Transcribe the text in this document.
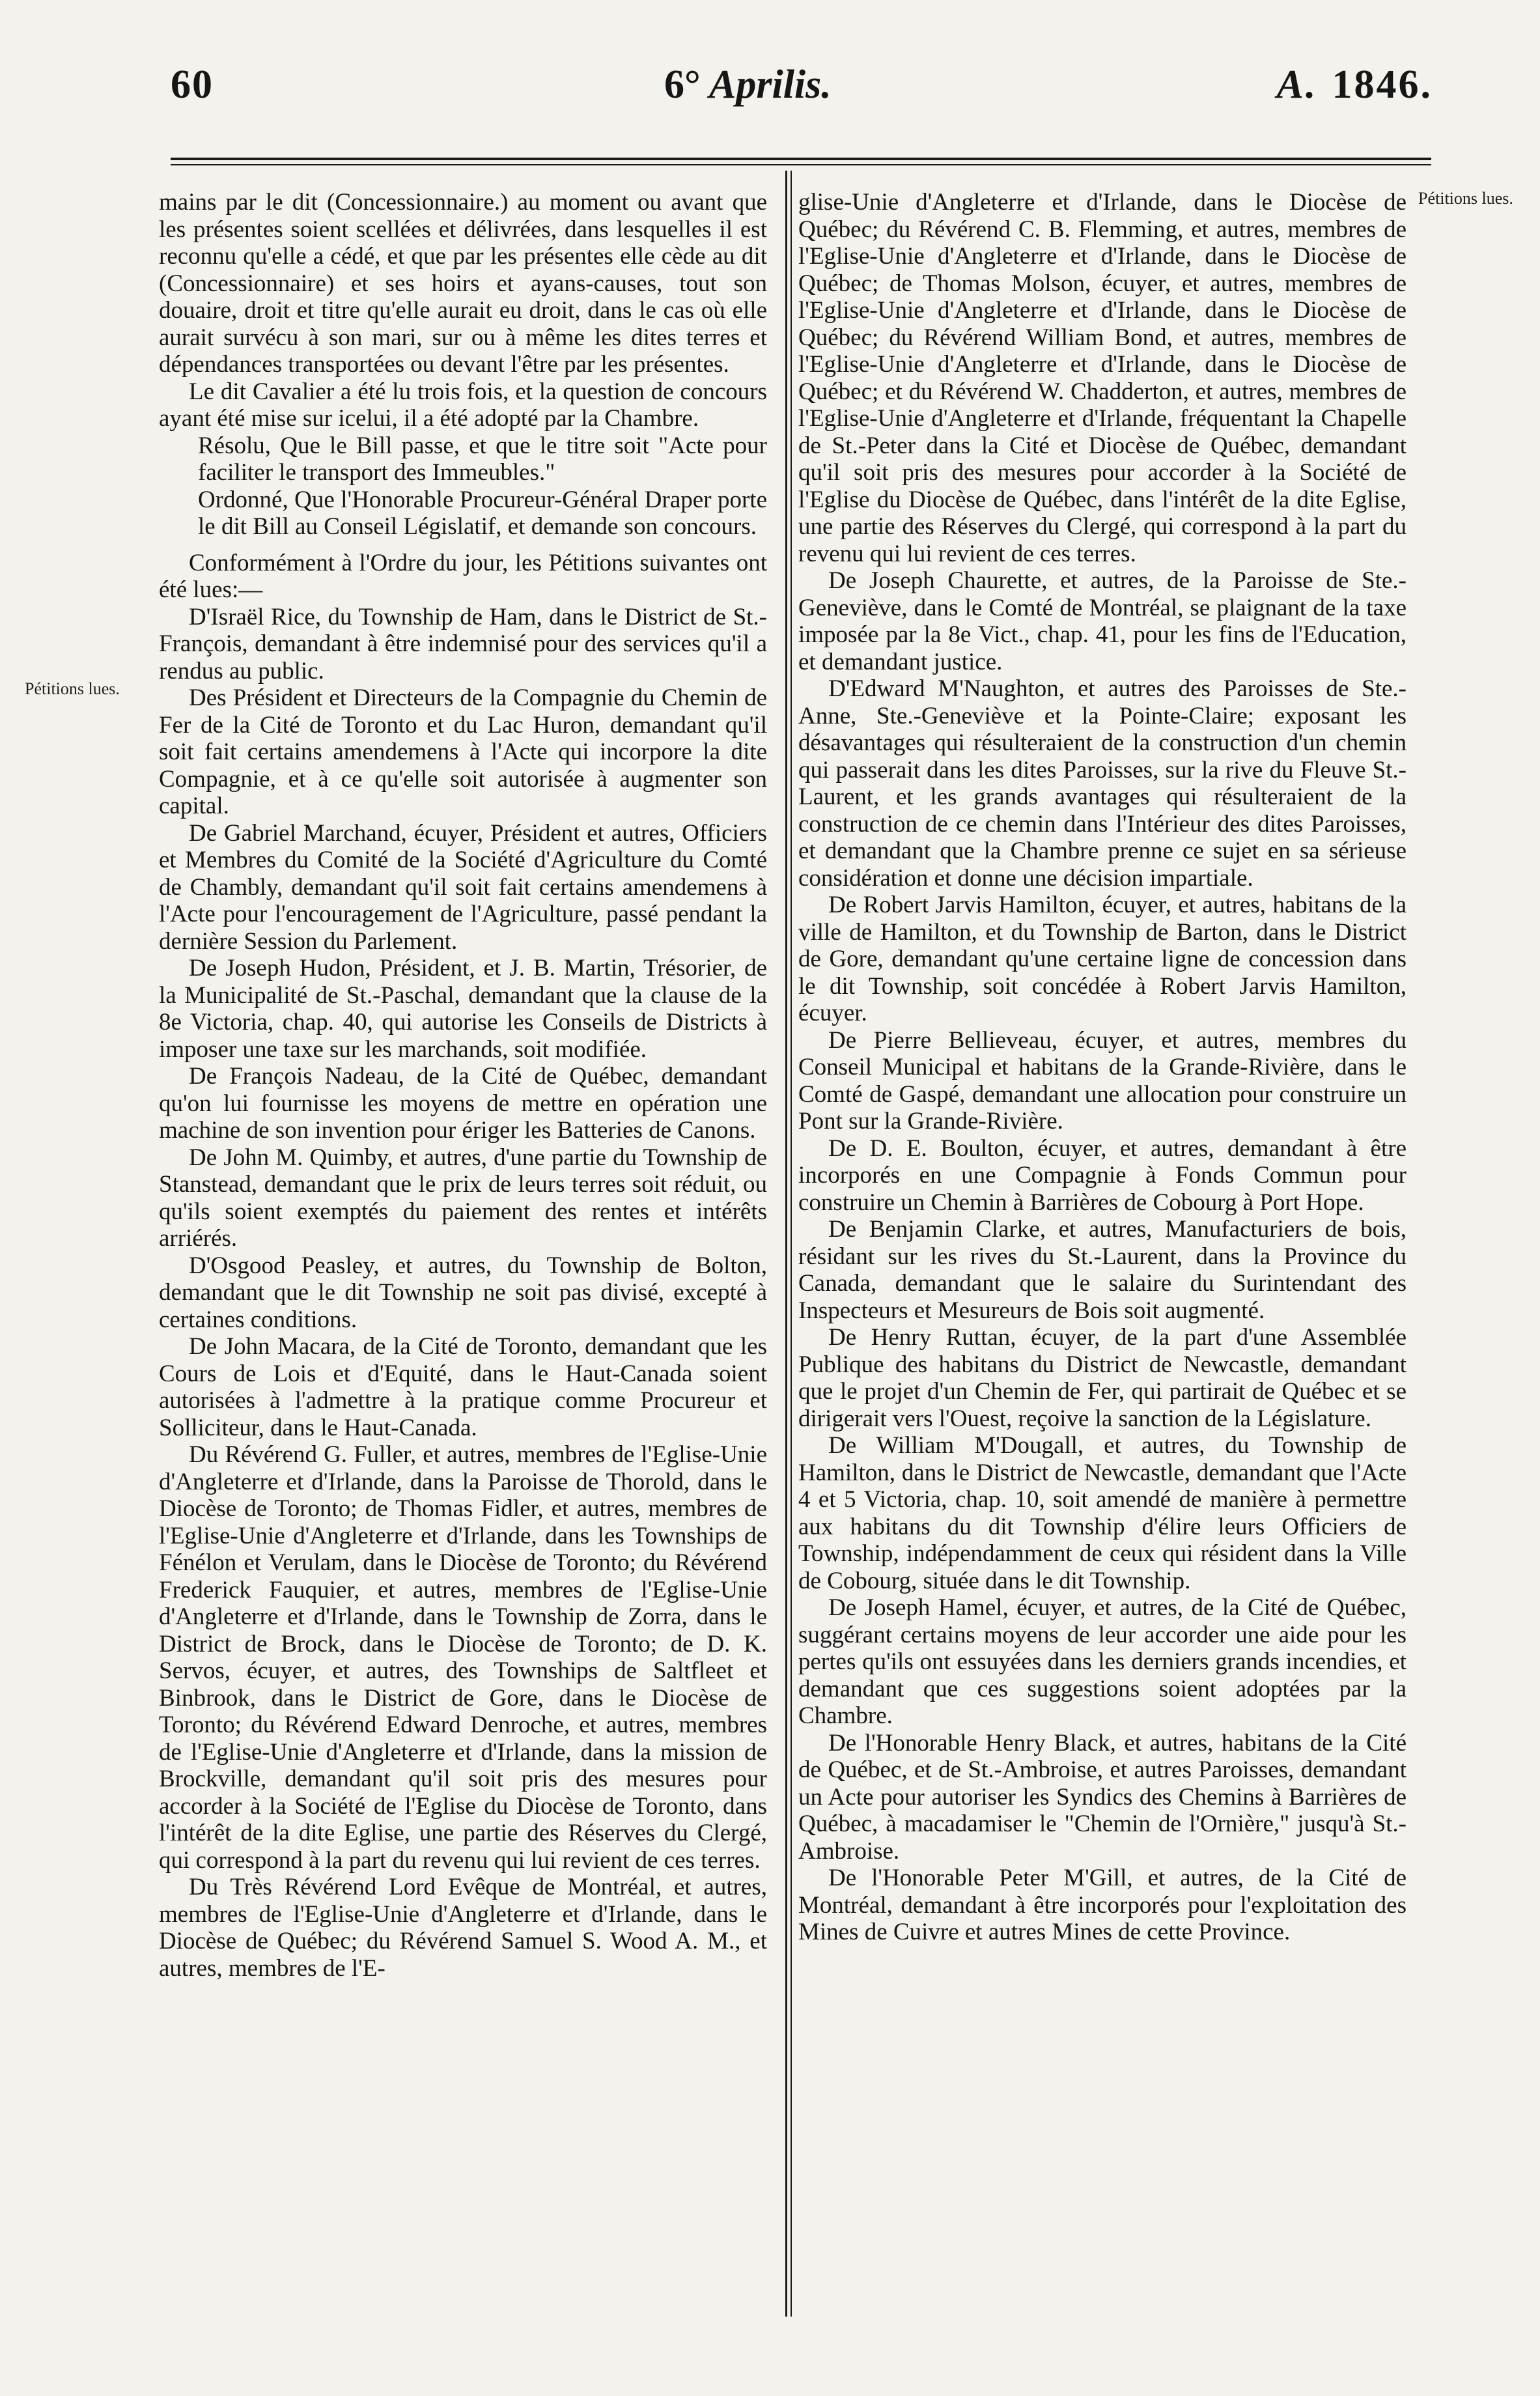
60	6° Aprilis.	A. 1846.
Pétitions lues.
Pétitions lues.

mains par le dit (Concessionnaire.) au moment ou avant que les présentes soient scellées et délivrées, dans lesquelles il est reconnu qu'elle a cédé, et que par les présentes elle cède au dit (Concessionnaire) et ses hoirs et ayans-causes, tout son douaire, droit et titre qu'elle aurait eu droit, dans le cas où elle aurait survécu à son mari, sur ou à même les dites terres et dépendances transportées ou devant l'être par les présentes.

Le dit Cavalier a été lu trois fois, et la question de concours ayant été mise sur icelui, il a été adopté par la Chambre.

Résolu, Que le Bill passe, et que le titre soit "Acte pour faciliter le transport des Immeubles."

Ordonné, Que l'Honorable Procureur-Général Draper porte le dit Bill au Conseil Législatif, et demande son concours.

Conformément à l'Ordre du jour, les Pétitions suivantes ont été lues:—

D'Israël Rice, du Township de Ham, dans le District de St.-François, demandant à être indemnisé pour des services qu'il a rendus au public.

Des Président et Directeurs de la Compagnie du Chemin de Fer de la Cité de Toronto et du Lac Huron, demandant qu'il soit fait certains amendemens à l'Acte qui incorpore la dite Compagnie, et à ce qu'elle soit autorisée à augmenter son capital.

De Gabriel Marchand, écuyer, Président et autres, Officiers et Membres du Comité de la Société d'Agriculture du Comté de Chambly, demandant qu'il soit fait certains amendemens à l'Acte pour l'encouragement de l'Agriculture, passé pendant la dernière Session du Parlement.

De Joseph Hudon, Président, et J. B. Martin, Trésorier, de la Municipalité de St.-Paschal, demandant que la clause de la 8e Victoria, chap. 40, qui autorise les Conseils de Districts à imposer une taxe sur les marchands, soit modifiée.

De François Nadeau, de la Cité de Québec, demandant qu'on lui fournisse les moyens de mettre en opération une machine de son invention pour ériger les Batteries de Canons.

De John M. Quimby, et autres, d'une partie du Township de Stanstead, demandant que le prix de leurs terres soit réduit, ou qu'ils soient exemptés du paiement des rentes et intérêts arriérés.

D'Osgood Peasley, et autres, du Township de Bolton, demandant que le dit Township ne soit pas divisé, excepté à certaines conditions.

De John Macara, de la Cité de Toronto, demandant que les Cours de Lois et d'Equité, dans le Haut-Canada soient autorisées à l'admettre à la pratique comme Procureur et Solliciteur, dans le Haut-Canada.

Du Révérend G. Fuller, et autres, membres de l'Eglise-Unie d'Angleterre et d'Irlande, dans la Paroisse de Thorold, dans le Diocèse de Toronto; de Thomas Fidler, et autres, membres de l'Eglise-Unie d'Angleterre et d'Irlande, dans les Townships de Fénélon et Verulam, dans le Diocèse de Toronto; du Révérend Frederick Fauquier, et autres, membres de l'Eglise-Unie d'Angleterre et d'Irlande, dans le Township de Zorra, dans le District de Brock, dans le Diocèse de Toronto; de D. K. Servos, écuyer, et autres, des Townships de Saltfleet et Binbrook, dans le District de Gore, dans le Diocèse de Toronto; du Révérend Edward Denroche, et autres, membres de l'Eglise-Unie d'Angleterre et d'Irlande, dans la mission de Brockville, demandant qu'il soit pris des mesures pour accorder à la Société de l'Eglise du Diocèse de Toronto, dans l'intérêt de la dite Eglise, une partie des Réserves du Clergé, qui correspond à la part du revenu qui lui revient de ces terres.

Du Très Révérend Lord Evêque de Montréal, et autres, membres de l'Eglise-Unie d'Angleterre et d'Irlande, dans le Diocèse de Québec; du Révérend Samuel S. Wood A. M., et autres, membres de l'E-

glise-Unie d'Angleterre et d'Irlande, dans le Diocèse de Québec; du Révérend C. B. Flemming, et autres, membres de l'Eglise-Unie d'Angleterre et d'Irlande, dans le Diocèse de Québec; de Thomas Molson, écuyer, et autres, membres de l'Eglise-Unie d'Angleterre et d'Irlande, dans le Diocèse de Québec; du Révérend William Bond, et autres, membres de l'Eglise-Unie d'Angleterre et d'Irlande, dans le Diocèse de Québec; et du Révérend W. Chadderton, et autres, membres de l'Eglise-Unie d'Angleterre et d'Irlande, fréquentant la Chapelle de St.-Peter dans la Cité et Diocèse de Québec, demandant qu'il soit pris des mesures pour accorder à la Société de l'Eglise du Diocèse de Québec, dans l'intérêt de la dite Eglise, une partie des Réserves du Clergé, qui correspond à la part du revenu qui lui revient de ces terres.

De Joseph Chaurette, et autres, de la Paroisse de Ste.-Geneviève, dans le Comté de Montréal, se plaignant de la taxe imposée par la 8e Vict., chap. 41, pour les fins de l'Education, et demandant justice.

D'Edward M'Naughton, et autres des Paroisses de Ste.-Anne, Ste.-Geneviève et la Pointe-Claire; exposant les désavantages qui résulteraient de la construction d'un chemin qui passerait dans les dites Paroisses, sur la rive du Fleuve St.-Laurent, et les grands avantages qui résulteraient de la construction de ce chemin dans l'Intérieur des dites Paroisses, et demandant que la Chambre prenne ce sujet en sa sérieuse considération et donne une décision impartiale.

De Robert Jarvis Hamilton, écuyer, et autres, habitans de la ville de Hamilton, et du Township de Barton, dans le District de Gore, demandant qu'une certaine ligne de concession dans le dit Township, soit concédée à Robert Jarvis Hamilton, écuyer.

De Pierre Bellieveau, écuyer, et autres, membres du Conseil Municipal et habitans de la Grande-Rivière, dans le Comté de Gaspé, demandant une allocation pour construire un Pont sur la Grande-Rivière.

De D. E. Boulton, écuyer, et autres, demandant à être incorporés en une Compagnie à Fonds Commun pour construire un Chemin à Barrières de Cobourg à Port Hope.

De Benjamin Clarke, et autres, Manufacturiers de bois, résidant sur les rives du St.-Laurent, dans la Province du Canada, demandant que le salaire du Surintendant des Inspecteurs et Mesureurs de Bois soit augmenté.

De Henry Ruttan, écuyer, de la part d'une Assemblée Publique des habitans du District de Newcastle, demandant que le projet d'un Chemin de Fer, qui partirait de Québec et se dirigerait vers l'Ouest, reçoive la sanction de la Législature.

De William M'Dougall, et autres, du Township de Hamilton, dans le District de Newcastle, demandant que l'Acte 4 et 5 Victoria, chap. 10, soit amendé de manière à permettre aux habitans du dit Township d'élire leurs Officiers de Township, indépendamment de ceux qui résident dans la Ville de Cobourg, située dans le dit Township.

De Joseph Hamel, écuyer, et autres, de la Cité de Québec, suggérant certains moyens de leur accorder une aide pour les pertes qu'ils ont essuyées dans les derniers grands incendies, et demandant que ces suggestions soient adoptées par la Chambre.

De l'Honorable Henry Black, et autres, habitans de la Cité de Québec, et de St.-Ambroise, et autres Paroisses, demandant un Acte pour autoriser les Syndics des Chemins à Barrières de Québec, à macadamiser le "Chemin de l'Ornière," jusqu'à St.-Ambroise.

De l'Honorable Peter M'Gill, et autres, de la Cité de Montréal, demandant à être incorporés pour l'exploitation des Mines de Cuivre et autres Mines de cette Province.
